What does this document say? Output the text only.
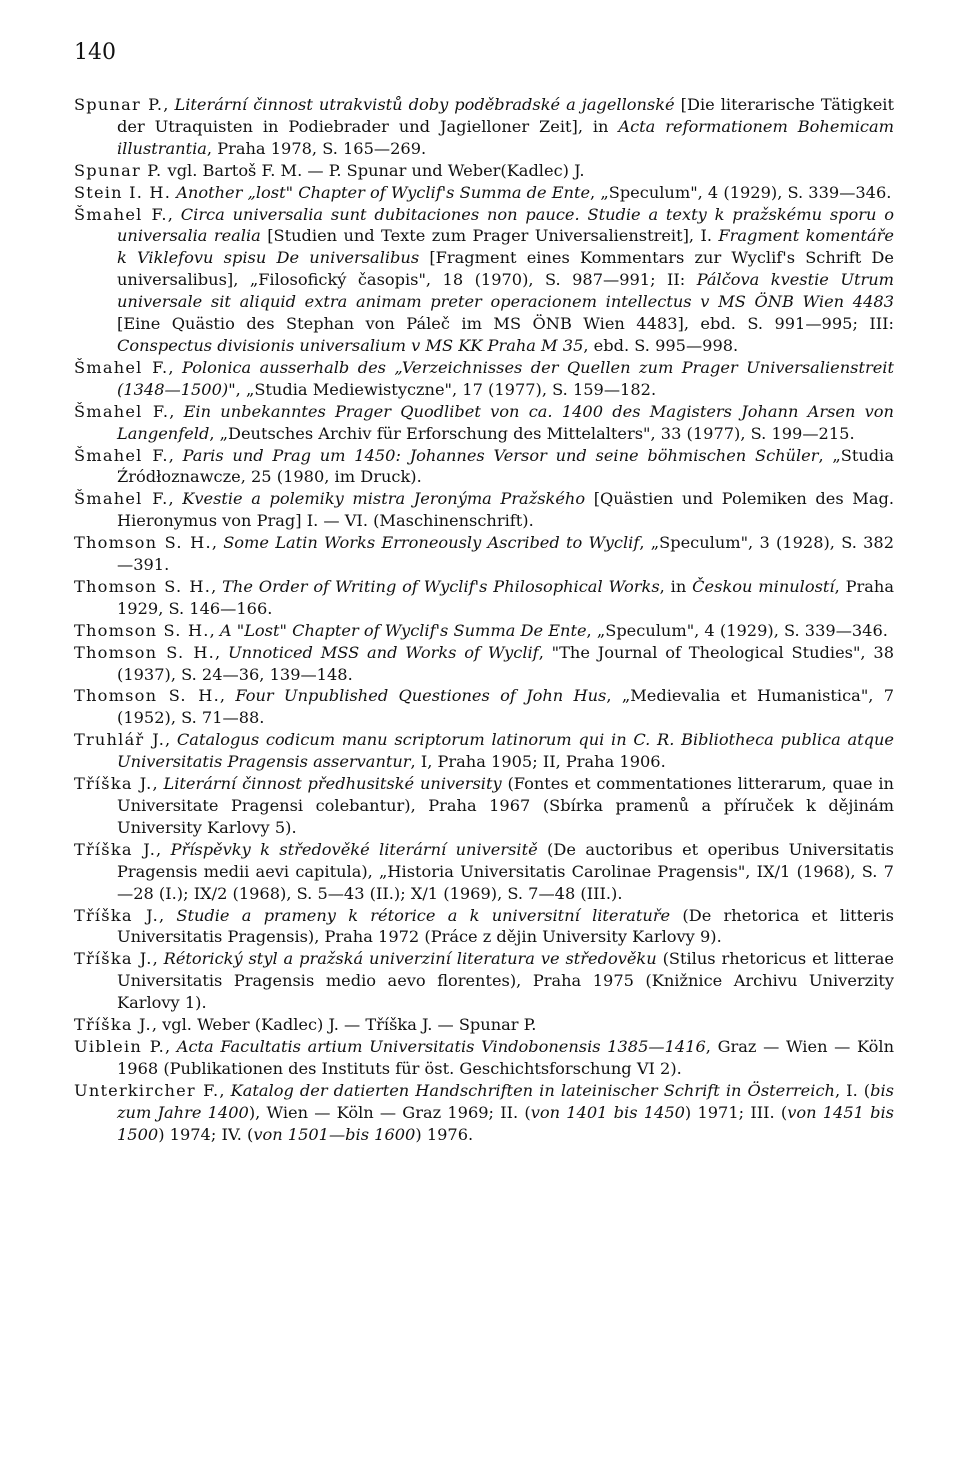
140

Spunar P., Literární činnost utrakvistů doby poděbradské a jagellonské [Die literarische Tätigkeit der Utraquisten in Podiebrader und Jagielloner Zeit], in Acta reformationem Bohemicam illustrantia, Praha 1978, S. 165—269.

Spunar P. vgl. Bartoš F. M. — P. Spunar und Weber(Kadlec) J.

Stein I. H. Another „lost" Chapter of Wyclif's Summa de Ente, „Speculum", 4 (1929), S. 339—346.

Šmahel F., Circa universalia sunt dubitaciones non pauce. Studie a texty k pražskému sporu o universalia realia [Studien und Texte zum Prager Universalienstreit], I. Fragment komentáře k Viklefovu spisu De universalibus [Fragment eines Kommentars zur Wyclif's Schrift De universalibus], „Filosofický časopis", 18 (1970), S. 987—991; II: Pálčova kvestie Utrum universale sit aliquid extra animam preter operacionem intellectus v MS ÖNB Wien 4483 [Eine Quästio des Stephan von Páleč im MS ÖNB Wien 4483], ebd. S. 991—995; III: Conspectus divisionis universalium v MS KK Praha M 35, ebd. S. 995—998.

Šmahel F., Polonica ausserhalb des „Verzeichnisses der Quellen zum Prager Universalienstreit (1348—1500)", „Studia Mediewistyczne", 17 (1977), S. 159—182.

Šmahel F., Ein unbekanntes Prager Quodlibet von ca. 1400 des Magisters Johann Arsen von Langenfeld, „Deutsches Archiv für Erforschung des Mittelalters", 33 (1977), S. 199—215.

Šmahel F., Paris und Prag um 1450: Johannes Versor und seine böhmischen Schüler, „Studia Źródłoznawcze, 25 (1980, im Druck).

Šmahel F., Kvestie a polemiky mistra Jeronýma Pražského [Quästien und Polemiken des Mag. Hieronymus von Prag] I. — VI. (Maschinenschrift).

Thomson S. H., Some Latin Works Erroneously Ascribed to Wyclif, „Speculum", 3 (1928), S. 382—391.

Thomson S. H., The Order of Writing of Wyclif's Philosophical Works, in Českou minulostí, Praha 1929, S. 146—166.

Thomson S. H., A "Lost" Chapter of Wyclif's Summa De Ente, „Speculum", 4 (1929), S. 339—346.

Thomson S. H., Unnoticed MSS and Works of Wyclif, "The Journal of Theological Studies", 38 (1937), S. 24—36, 139—148.

Thomson S. H., Four Unpublished Questiones of John Hus, „Medievalia et Humanistica", 7 (1952), S. 71—88.

Truhlář J., Catalogus codicum manu scriptorum latinorum qui in C. R. Bibliotheca publica atque Universitatis Pragensis asservantur, I, Praha 1905; II, Praha 1906.

Tříška J., Literární činnost předhusitské university (Fontes et commentationes litterarum, quae in Universitate Pragensi colebantur), Praha 1967 (Sbírka pramenů a příruček k dějinám University Karlovy 5).

Tříška J., Příspěvky k středověké literární universitě (De auctoribus et operibus Universitatis Pragensis medii aevi capitula), „Historia Universitatis Carolinae Pragensis", IX/1 (1968), S. 7—28 (I.); IX/2 (1968), S. 5—43 (II.); X/1 (1969), S. 7—48 (III.).

Tříška J., Studie a prameny k rétorice a k universitní literatuře (De rhetorica et litteris Universitatis Pragensis), Praha 1972 (Práce z dějin University Karlovy 9).

Tříška J., Rétorický styl a pražská univerziní literatura ve středověku (Stilus rhetoricus et litterae Universitatis Pragensis medio aevo florentes), Praha 1975 (Knižnice Archivu Univerzity Karlovy 1).

Tříška J., vgl. Weber (Kadlec) J. — Tříška J. — Spunar P.

Uiblein P., Acta Facultatis artium Universitatis Vindobonensis 1385—1416, Graz — Wien — Köln 1968 (Publikationen des Instituts für öst. Geschichtsforschung VI 2).

Unterkircher F., Katalog der datierten Handschriften in lateinischer Schrift in Österreich, I. (bis zum Jahre 1400), Wien — Köln — Graz 1969; II. (von 1401 bis 1450) 1971; III. (von 1451 bis 1500) 1974; IV. (von 1501—bis 1600) 1976.
